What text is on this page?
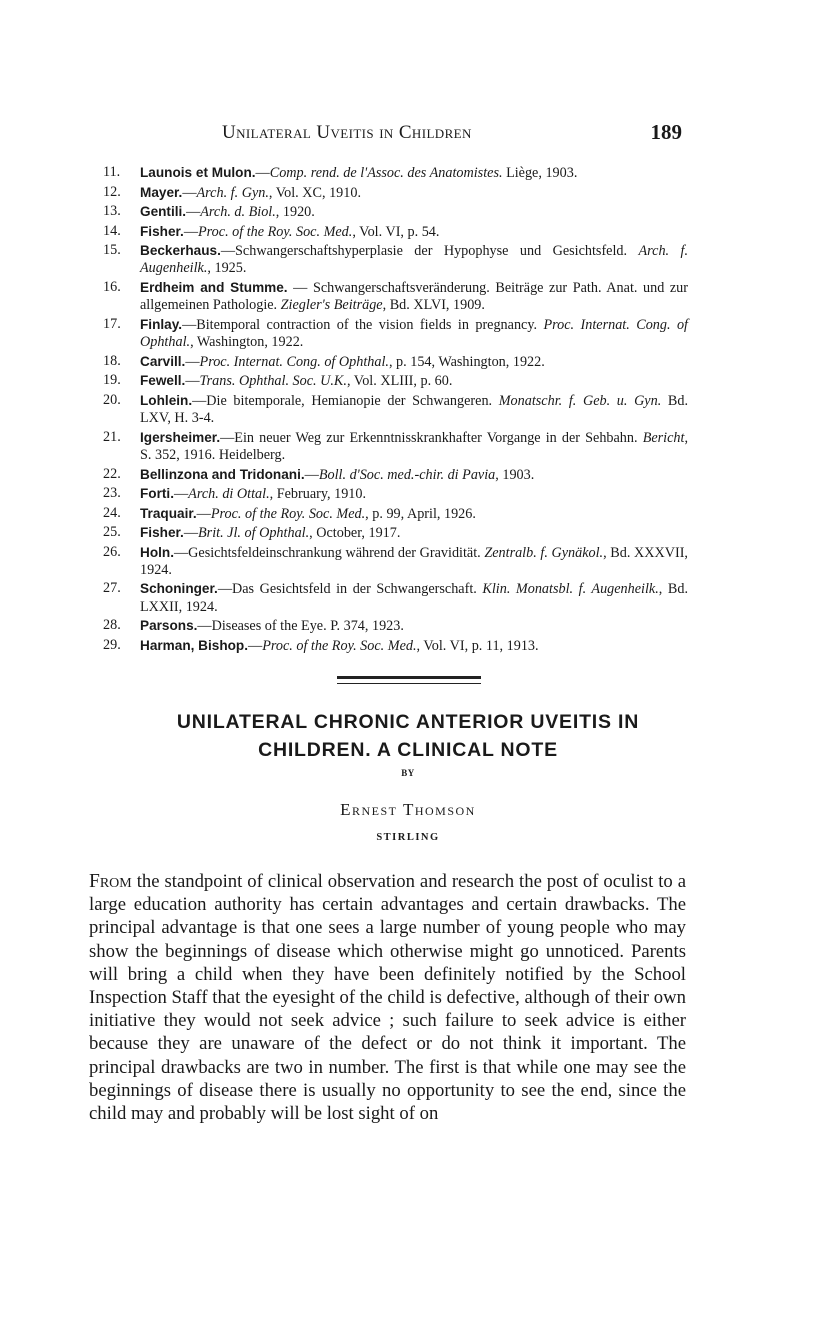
Unilateral Uveitis in Children	189
11. Launois et Mulon.—Comp. rend. de l'Assoc. des Anatomistes. Liège, 1903.
12. Mayer.—Arch. f. Gyn., Vol. XC, 1910.
13. Gentili.—Arch. d. Biol., 1920.
14. Fisher.—Proc. of the Roy. Soc. Med., Vol. VI, p. 54.
15. Beckerhaus.—Schwangerschaftshyperplasie der Hypophyse und Gesichtsfeld. Arch. f. Augenheilk., 1925.
16. Erdheim and Stumme. — Schwangerschaftsveränderung. Beiträge zur Path. Anat. und zur allgemeinen Pathologie. Ziegler's Beiträge, Bd. XLVI, 1909.
17. Finlay.—Bitemporal contraction of the vision fields in pregnancy. Proc. Internat. Cong. of Ophthal., Washington, 1922.
18. Carvill.—Proc. Internat. Cong. of Ophthal., p. 154, Washington, 1922.
19. Fewell.—Trans. Ophthal. Soc. U.K., Vol. XLIII, p. 60.
20. Lohlein.—Die bitemporale, Hemianopie der Schwangeren. Monatschr. f. Geb. u. Gyn. Bd. LXV, H. 3-4.
21. Igersheimer.—Ein neuer Weg zur Erkenntnisskrankhafter Vorgange in der Sehbahn. Bericht, S. 352, 1916. Heidelberg.
22. Bellinzona and Tridonani.—Boll. d'Soc. med.-chir. di Pavia, 1903.
23. Forti.—Arch. di Ottal., February, 1910.
24. Traquair.—Proc. of the Roy. Soc. Med., p. 99, April, 1926.
25. Fisher.—Brit. Jl. of Ophthal., October, 1917.
26. Holn.—Gesichtsfeldeinschrankung während der Gravidität. Zentralb. f. Gynäkol., Bd. XXXVII, 1924.
27. Schoninger.—Das Gesichtsfeld in der Schwangerschaft. Klin. Monatsbl. f. Augenheilk., Bd. LXXII, 1924.
28. Parsons.—Diseases of the Eye. P. 374, 1923.
29. Harman, Bishop.—Proc. of the Roy. Soc. Med., Vol. VI, p. 11, 1913.
UNILATERAL CHRONIC ANTERIOR UVEITIS IN
CHILDREN. A CLINICAL NOTE
BY
Ernest Thomson
STIRLING
From the standpoint of clinical observation and research the post of oculist to a large education authority has certain advantages and certain drawbacks. The principal advantage is that one sees a large number of young people who may show the beginnings of disease which otherwise might go unnoticed. Parents will bring a child when they have been definitely notified by the School Inspection Staff that the eyesight of the child is defective, although of their own initiative they would not seek advice ; such failure to seek advice is either because they are unaware of the defect or do not think it important. The principal drawbacks are two in number. The first is that while one may see the beginnings of disease there is usually no opportunity to see the end, since the child may and probably will be lost sight of on
